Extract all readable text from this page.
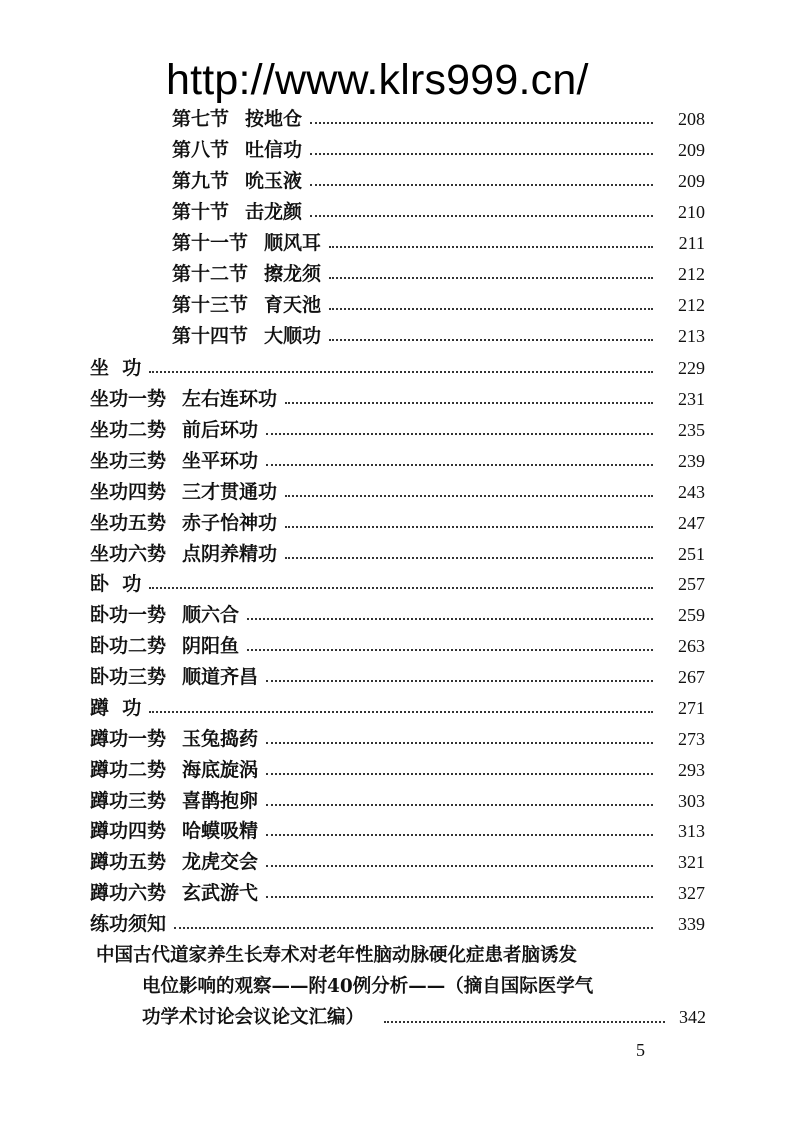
http://www.klrs999.cn/
第七节 按地仓	208
第八节 吐信功	209
第九节 吮玉液	209
第十节 击龙颜	210
第十一节 顺风耳	211
第十二节 擦龙须	212
第十三节 育天池	212
第十四节 大顺功	213
坐  功	229
坐功一势 左右连环功	231
坐功二势 前后环功	235
坐功三势 坐平环功	239
坐功四势 三才贯通功	243
坐功五势 赤子怡神功	247
坐功六势 点阴养精功	251
卧  功	257
卧功一势 顺六合	259
卧功二势 阴阳鱼	263
卧功三势 顺道齐昌	267
蹲  功	271
蹲功一势 玉兔捣药	273
蹲功二势 海底旋涡	293
蹲功三势 喜鹊抱卵	303
蹲功四势 哈蟆吸精	313
蹲功五势 龙虎交会	321
蹲功六势 玄武游弋	327
练功须知	339
中国古代道家养生长寿术对老年性脑动脉硬化症患者脑诱发
电位影响的观察——附40例分析——（摘自国际医学气
功学术讨论会议论文汇编）	342
5
